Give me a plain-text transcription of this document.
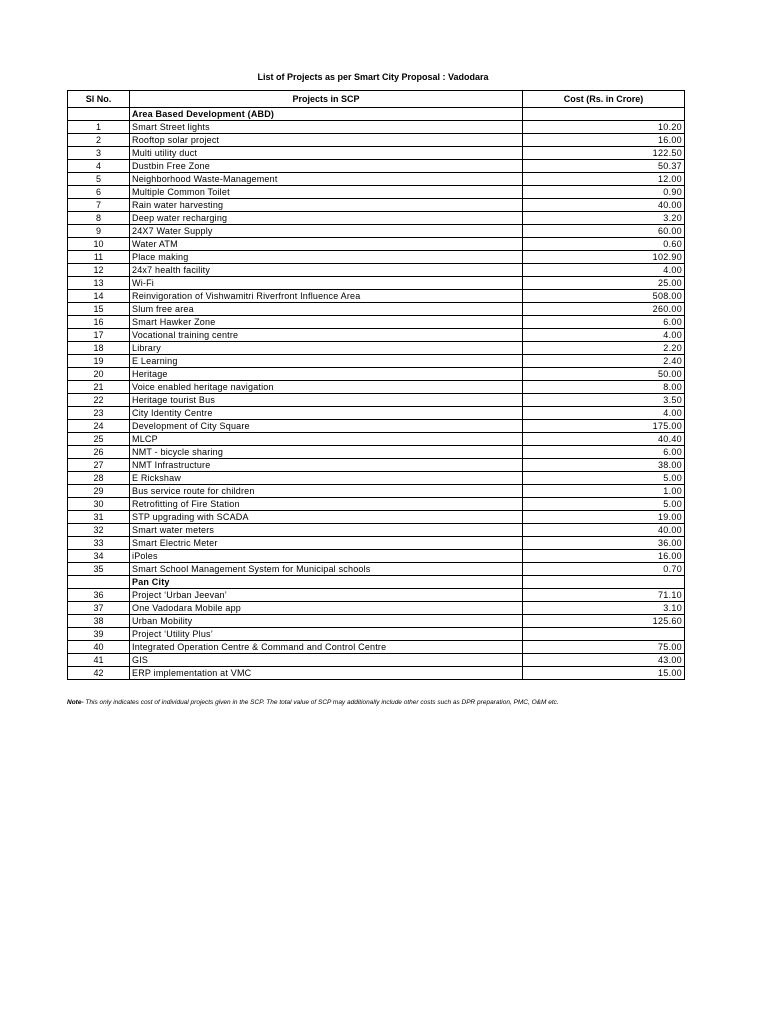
List of Projects as per Smart City Proposal : Vadodara
Sl No.	Projects in SCP	Cost (Rs. in Crore)
	Area Based Development (ABD)	
1	Smart Street lights	10.20
2	Rooftop solar project	16.00
3	Multi utility duct	122.50
4	Dustbin Free Zone	50.37
5	Neighborhood Waste-Management	12.00
6	Multiple Common Toilet	0.90
7	Rain water harvesting	40.00
8	Deep water recharging	3.20
9	24X7 Water Supply	60.00
10	Water ATM	0.60
11	Place making	102.90
12	24x7 health facility	4.00
13	Wi-Fi	25.00
14	Reinvigoration of Vishwamitri Riverfront Influence Area	508.00
15	Slum free area	260.00
16	Smart Hawker Zone	6.00
17	Vocational training centre	4.00
18	Library	2.20
19	E Learning	2.40
20	Heritage	50.00
21	Voice enabled heritage navigation	8.00
22	Heritage tourist Bus	3.50
23	City Identity Centre	4.00
24	Development of City Square	175.00
25	MLCP	40.40
26	NMT - bicycle sharing	6.00
27	NMT Infrastructure	38.00
28	E Rickshaw	5.00
29	Bus service route for children	1.00
30	Retrofitting of Fire Station	5.00
31	STP upgrading with SCADA	19.00
32	Smart water meters	40.00
33	Smart Electric Meter	36.00
34	iPoles	16.00
35	Smart School Management System for Municipal schools	0.70
	Pan City	
36	Project ‘Urban Jeevan’	71.10
37	One Vadodara Mobile app	3.10
38	Urban Mobility	125.60
39	Project ‘Utility Plus’	
40	Integrated Operation Centre & Command and Control Centre	75.00
41	GIS	43.00
42	ERP implementation at VMC	15.00
Note- This only indicates cost of individual projects given in the SCP. The total value of SCP may additionally include other costs such as DPR preparation, PMC, O&M etc.
